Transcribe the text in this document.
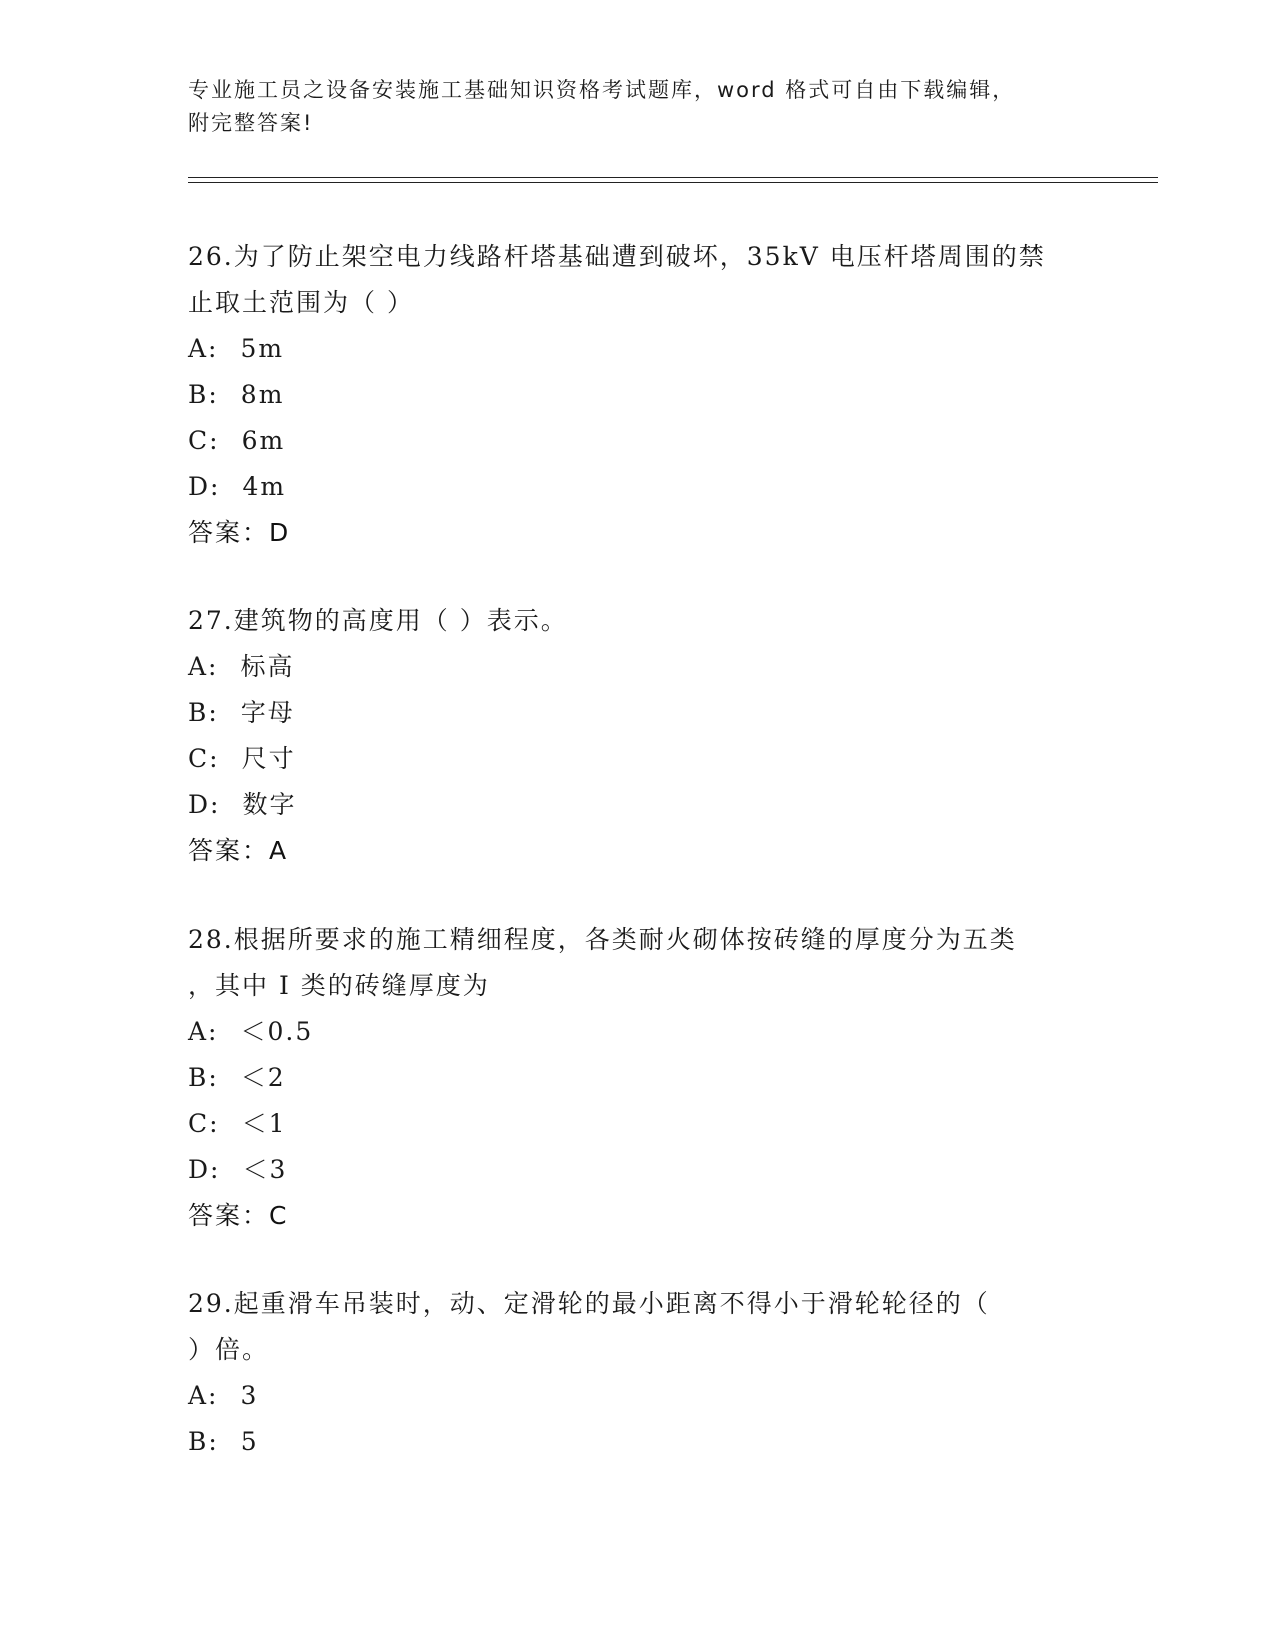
专业施工员之设备安装施工基础知识资格考试题库，word 格式可自由下载编辑，
附完整答案!

26.为了防止架空电力线路杆塔基础遭到破坏，35kV 电压杆塔周围的禁

止取土范围为（ ）

A: 5m

B: 8m

C: 6m

D: 4m

答案：D

27.建筑物的高度用（ ）表示。

A: 标高

B: 字母

C: 尺寸

D: 数字

答案：A

28.根据所要求的施工精细程度，各类耐火砌体按砖缝的厚度分为五类

，其中 I 类的砖缝厚度为

A: ＜0.5

B: ＜2

C: ＜1

D: ＜3

答案：C

29.起重滑车吊装时，动、定滑轮的最小距离不得小于滑轮轮径的（

）倍。

A: 3

B: 5
